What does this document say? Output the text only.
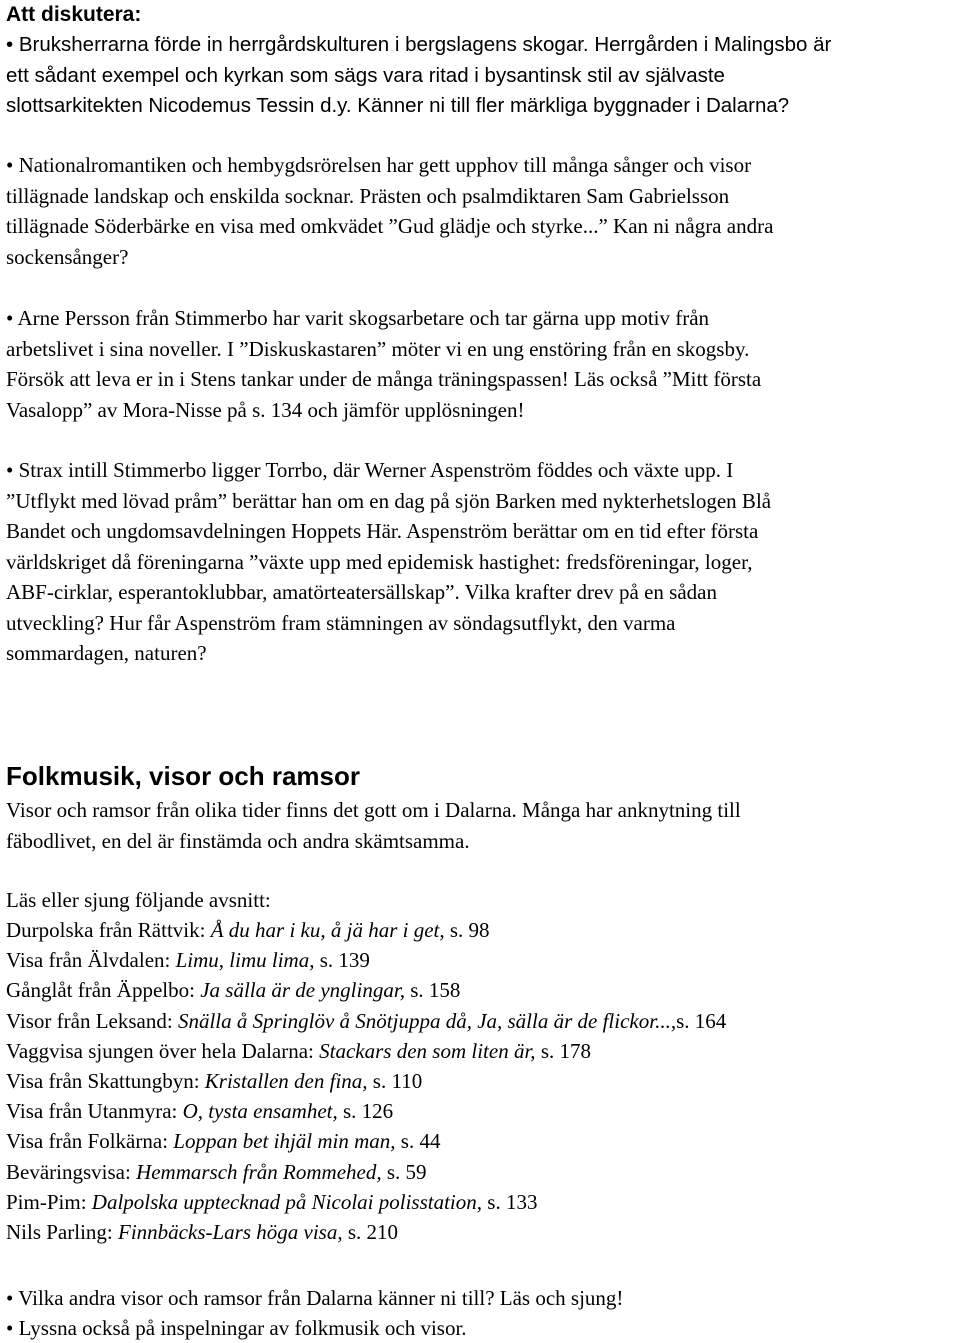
Att diskutera:
• Bruksherrarna förde in herrgårdskulturen i bergslagens skogar. Herrgården i Malingsbo är
ett sådant exempel och kyrkan som sägs vara ritad i bysantinsk stil av självaste
slottsarkitekten Nicodemus Tessin d.y. Känner ni till fler märkliga byggnader i Dalarna?
• Nationalromantiken och hembygdsrörelsen har gett upphov till många sånger och visor
tillägnade landskap och enskilda socknar. Prästen och psalmdiktaren Sam Gabrielsson
tillägnade Söderbärke en visa med omkvädet ”Gud glädje och styrke...” Kan ni några andra
sockensånger?
• Arne Persson från Stimmerbo har varit skogsarbetare och tar gärna upp motiv från
arbetslivet i sina noveller. I ”Diskuskastaren” möter vi en ung enstöring från en skogsby.
Försök att leva er in i Stens tankar under de många träningspassen! Läs också ”Mitt första
Vasalopp” av Mora-Nisse på s. 134 och jämför upplösningen!
• Strax intill Stimmerbo ligger Torrbo, där Werner Aspenström föddes och växte upp. I
”Utflykt med lövad pråm” berättar han om en dag på sjön Barken med nykterhetslogen Blå
Bandet och ungdomsavdelningen Hoppets Här. Aspenström berättar om en tid efter första
världskriget då föreningarna ”växte upp med epidemisk hastighet: fredsföreningar, loger,
ABF-cirklar, esperantoklubbar, amatörteatersällskap”. Vilka krafter drev på en sådan
utveckling? Hur får Aspenström fram stämningen av söndagsutflykt, den varma
sommardagen, naturen?
Folkmusik, visor och ramsor
Visor och ramsor från olika tider finns det gott om i Dalarna. Många har anknytning till
fäbodlivet, en del är finstämda och andra skämtsamma.
Läs eller sjung följande avsnitt:
Durpolska från Rättvik: Å du har i ku, å jä har i get, s. 98
Visa från Älvdalen: Limu, limu lima, s. 139
Gånglåt från Äppelbo: Ja sälla är de ynglingar, s. 158
Visor från Leksand: Snälla å Springlöv å Snötjuppa då, Ja, sälla är de flickor...,s. 164
Vaggvisa sjungen över hela Dalarna: Stackars den som liten är, s. 178
Visa från Skattungbyn: Kristallen den fina, s. 110
Visa från Utanmyra: O, tysta ensamhet, s. 126
Visa från Folkärna: Loppan bet ihjäl min man, s. 44
Beväringsvisa: Hemmarsch från Rommehed, s. 59
Pim-Pim: Dalpolska upptecknad på Nicolai polisstation, s. 133
Nils Parling: Finnbäcks-Lars höga visa, s. 210
• Vilka andra visor och ramsor från Dalarna känner ni till? Läs och sjung!
• Lyssna också på inspelningar av folkmusik och visor.
